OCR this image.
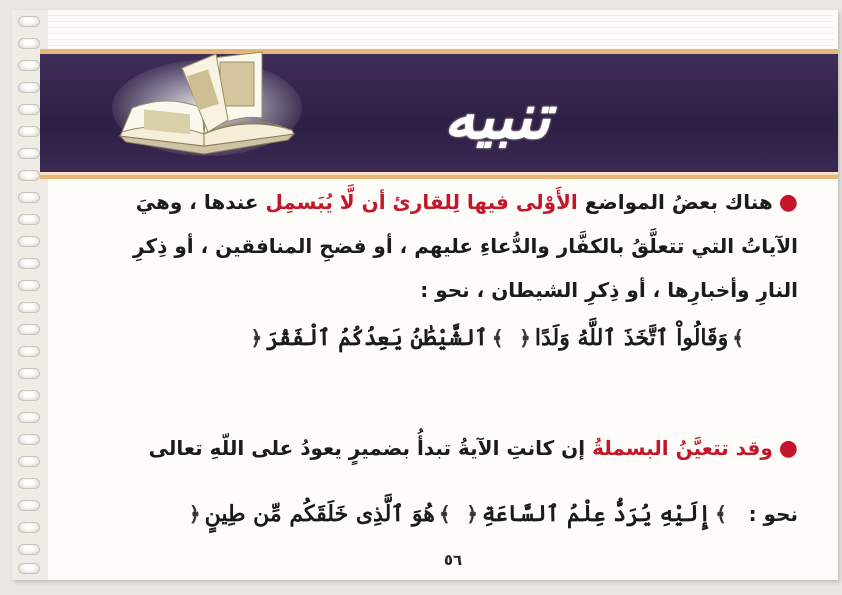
تنبيه
●هناك بعضُ المواضع الأَوْلى فيها لِلقارئ أن لَّا يُبَسمِل عندها ، وهيَ
الآياتُ التي تتعلَّقُ بالكفَّار والدُّعاءِ عليهم ، أو فضحِ المنافقين ، أو ذِكرِ
النارِ وأخبارِها ، أو ذِكرِ الشيطان ، نحو :
﴾وَقَالُواْ ٱتَّخَذَ ٱللَّهُ وَلَدًا﴿ ﴾ٱلشَّيْطَٰنُ يَعِدُكُمُ ٱلْفَقْرَ﴿
●وقد تتعيَّنُ البسملةُ إن كانتِ الآيةُ تبدأُ بضميرٍ يعودُ على اللّهِ تعالى
نحو : ﴾إِلَيْهِ يُرَدُّ عِلْمُ ٱلسَّاعَةِ﴿ ﴾هُوَ ٱلَّذِى خَلَقَكُم مِّن طِينٍ﴿
٥٦
